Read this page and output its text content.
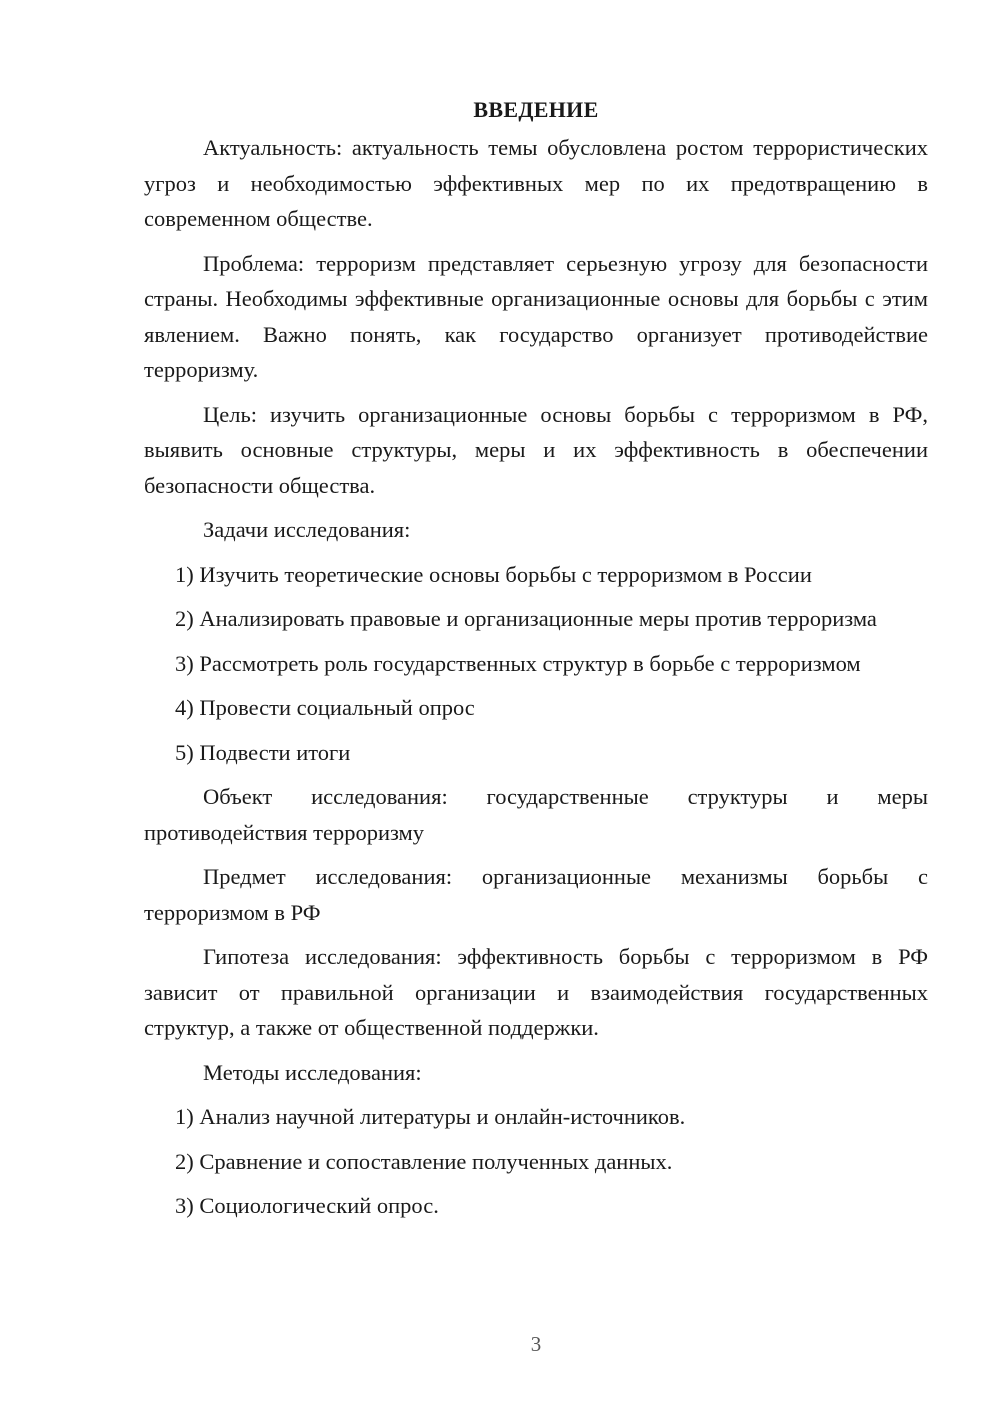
ВВЕДЕНИЕ

Актуальность: актуальность темы обусловлена ростом террористических угроз и необходимостью эффективных мер по их предотвращению в современном обществе.

Проблема: терроризм представляет серьезную угрозу для безопасности страны. Необходимы эффективные организационные основы для борьбы с этим явлением. Важно понять, как государство организует противодействие терроризму.

Цель: изучить организационные основы борьбы с терроризмом в РФ, выявить основные структуры, меры и их эффективность в обеспечении безопасности общества.

Задачи исследования:

1) Изучить теоретические основы борьбы с терроризмом в России

2) Анализировать правовые и организационные меры против терроризма

3) Рассмотреть роль государственных структур в борьбе с терроризмом

4) Провести социальный опрос

5) Подвести итоги

Объект исследования: государственные структуры и меры противодействия терроризму

Предмет исследования: организационные механизмы борьбы с терроризмом в РФ

Гипотеза исследования: эффективность борьбы с терроризмом в РФ зависит от правильной организации и взаимодействия государственных структур, а также от общественной поддержки.

Методы исследования:

1) Анализ научной литературы и онлайн-источников.

2) Сравнение и сопоставление полученных данных.

3) Социологический опрос.

3
